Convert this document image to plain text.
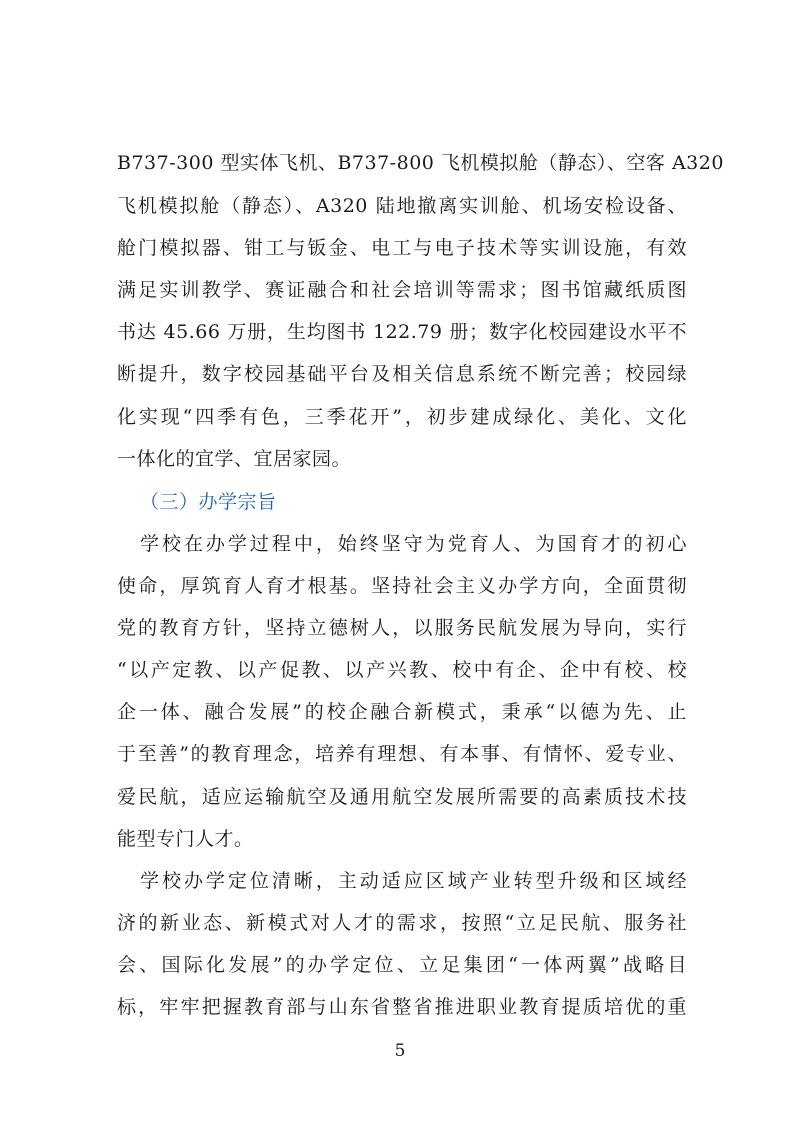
B737-300 型实体飞机、B737-800 飞机模拟舱（静态）、空客 A320
飞机模拟舱（静态）、A320 陆地撤离实训舱、机场安检设备、
舱门模拟器、钳工与钣金、电工与电子技术等实训设施，有效
满足实训教学、赛证融合和社会培训等需求；图书馆藏纸质图
书达 45.66 万册，生均图书 122.79 册；数字化校园建设水平不
断提升，数字校园基础平台及相关信息系统不断完善；校园绿
化实现“四季有色，三季花开”，初步建成绿化、美化、文化
一体化的宜学、宜居家园。
（三）办学宗旨
学校在办学过程中，始终坚守为党育人、为国育才的初心
使命，厚筑育人育才根基。坚持社会主义办学方向，全面贯彻
党的教育方针，坚持立德树人，以服务民航发展为导向，实行
“以产定教、以产促教、以产兴教、校中有企、企中有校、校
企一体、融合发展”的校企融合新模式，秉承“以德为先、止
于至善”的教育理念，培养有理想、有本事、有情怀、爱专业、
爱民航，适应运输航空及通用航空发展所需要的高素质技术技
能型专门人才。
学校办学定位清晰，主动适应区域产业转型升级和区域经
济的新业态、新模式对人才的需求，按照“立足民航、服务社
会、国际化发展”的办学定位、立足集团“一体两翼”战略目
标，牢牢把握教育部与山东省整省推进职业教育提质培优的重
5
